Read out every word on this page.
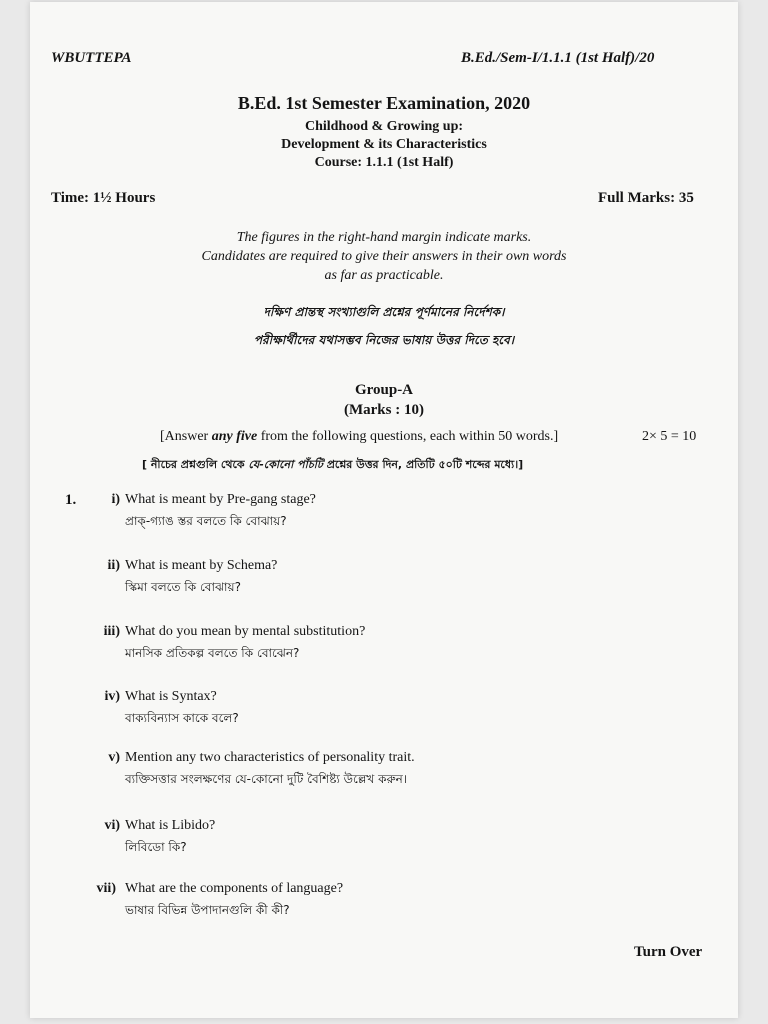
WBUTTEPA	B.Ed./Sem-I/1.1.1 (1st Half)/20
B.Ed. 1st Semester Examination, 2020
Childhood & Growing up:
Development & its Characteristics
Course: 1.1.1 (1st Half)
Time: 1½ Hours	Full Marks: 35
The figures in the right-hand margin indicate marks.
Candidates are required to give their answers in their own words
as far as practicable.
দক্ষিণ প্রান্তস্থ সংখ্যাগুলি প্রশ্নের পূর্ণমানের নির্দেশক।
পরীক্ষার্থীদের যথাসম্ভব নিজের ভাষায় উত্তর দিতে হবে।
Group-A
(Marks : 10)
[Answer any five from the following questions, each within 50 words.]	2× 5 = 10
[ নীচের প্রশ্নগুলি থেকে যে-কোনো পাঁচটি প্রশ্নের উত্তর দিন, প্রতিটি ৫০টি শব্দের মধ্যে।]
1.	i) What is meant by Pre-gang stage?
প্রাক্-গ্যাঙ স্তর বলতে কি বোঝায়?
ii) What is meant by Schema?
স্কিমা বলতে কি বোঝায়?
iii) What do you mean by mental substitution?
মানসিক প্রতিকল্প বলতে কি বোঝেন?
iv) What is Syntax?
বাক্যবিন্যাস কাকে বলে?
v) Mention any two characteristics of personality trait.
ব্যক্তিসত্তার সংলক্ষণের যে-কোনো দুটি বৈশিষ্ট্য উল্লেখ করুন।
vi) What is Libido?
লিবিডো কি?
vii) What are the components of language?
ভাষার বিভিন্ন উপাদানগুলি কী কী?
Turn Over
